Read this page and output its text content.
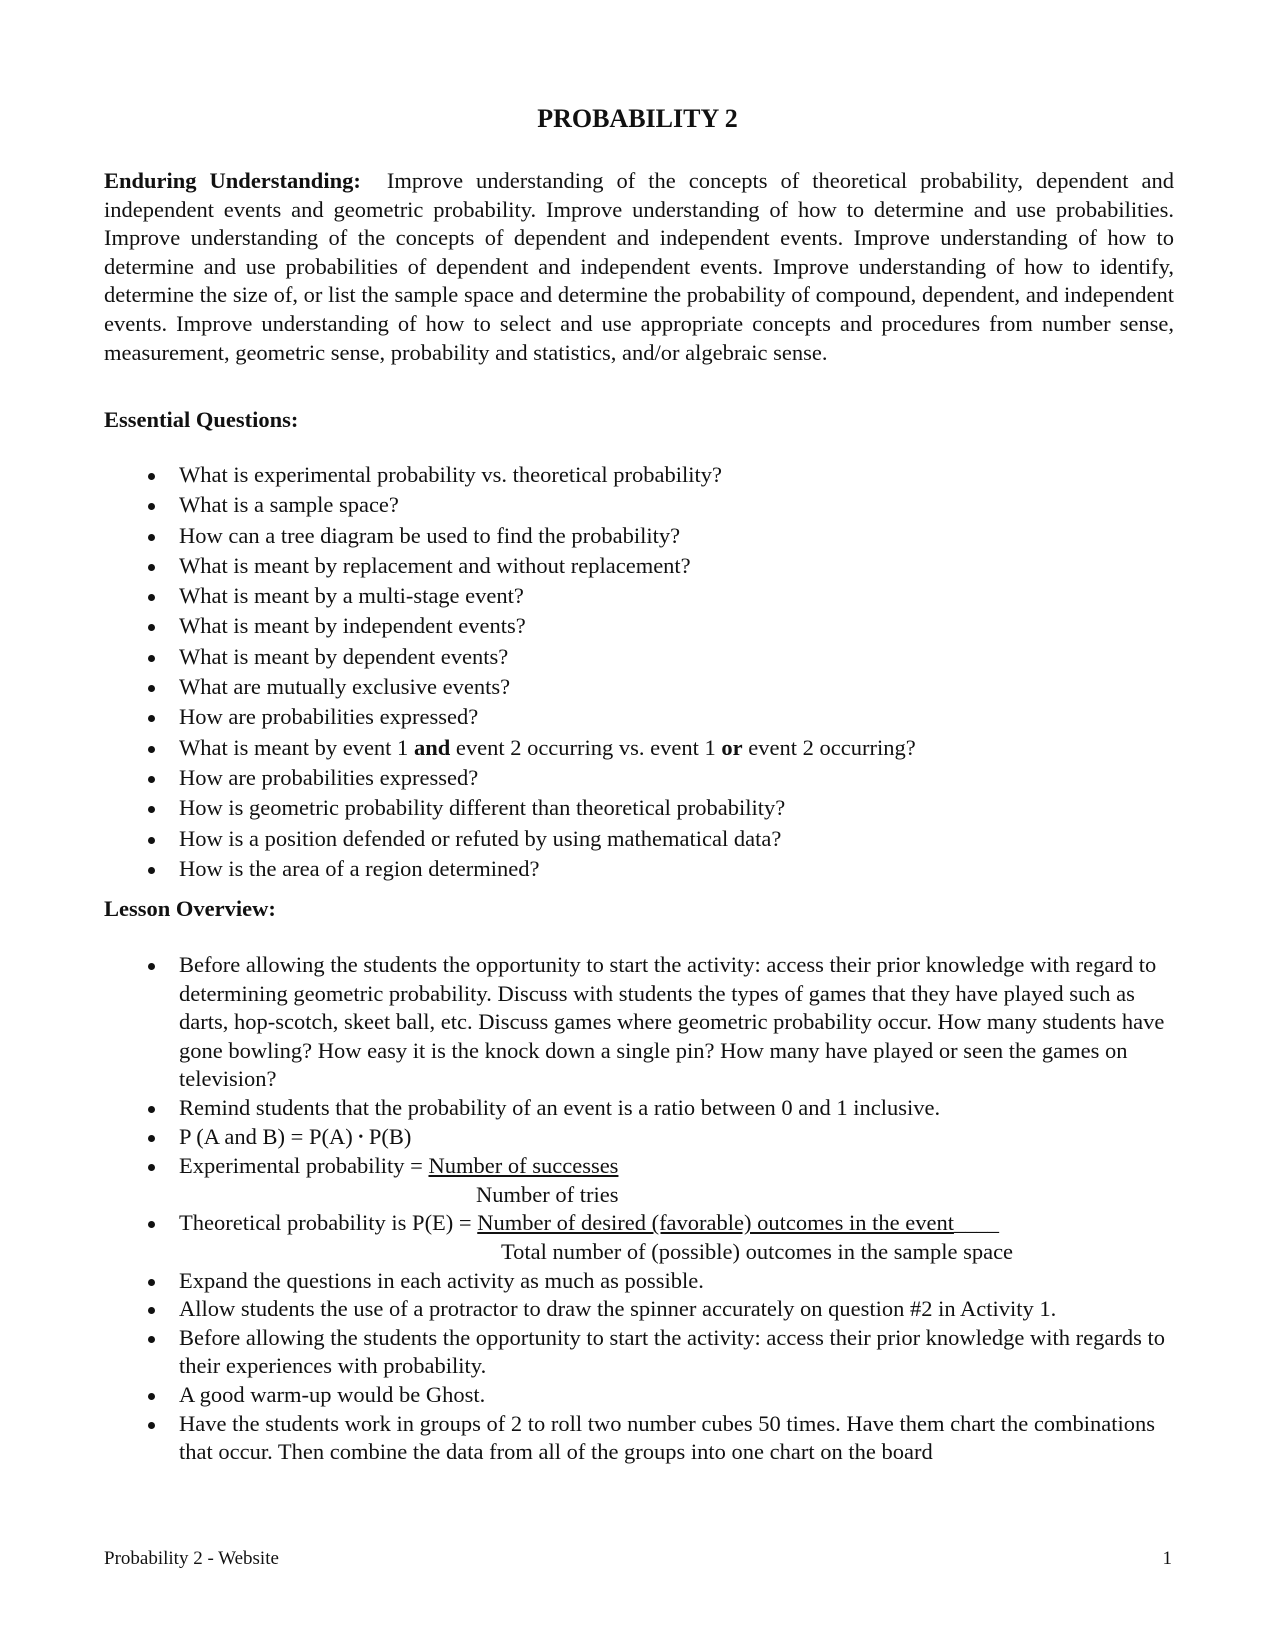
PROBABILITY 2

Enduring Understanding: Improve understanding of the concepts of theoretical probability, dependent and independent events and geometric probability. Improve understanding of how to determine and use probabilities. Improve understanding of the concepts of dependent and independent events. Improve understanding of how to determine and use probabilities of dependent and independent events. Improve understanding of how to identify, determine the size of, or list the sample space and determine the probability of compound, dependent, and independent events. Improve understanding of how to select and use appropriate concepts and procedures from number sense, measurement, geometric sense, probability and statistics, and/or algebraic sense.

Essential Questions:

What is experimental probability vs. theoretical probability?
What is a sample space?
How can a tree diagram be used to find the probability?
What is meant by replacement and without replacement?
What is meant by a multi-stage event?
What is meant by independent events?
What is meant by dependent events?
What are mutually exclusive events?
How are probabilities expressed?
What is meant by event 1 and event 2 occurring vs. event 1 or event 2 occurring?
How are probabilities expressed?
How is geometric probability different than theoretical probability?
How is a position defended or refuted by using mathematical data?
How is the area of a region determined?

Lesson Overview:

Before allowing the students the opportunity to start the activity: access their prior knowledge with regard to determining geometric probability. Discuss with students the types of games that they have played such as darts, hop-scotch, skeet ball, etc. Discuss games where geometric probability occur. How many students have gone bowling? How easy it is the knock down a single pin? How many have played or seen the games on television?
Remind students that the probability of an event is a ratio between 0 and 1 inclusive.
P (A and B) = P(A) • P(B)
Experimental probability = Number of successes
Number of tries
Theoretical probability is P(E) = Number of desired (favorable) outcomes in the event____
Total number of (possible) outcomes in the sample space
Expand the questions in each activity as much as possible.
Allow students the use of a protractor to draw the spinner accurately on question #2 in Activity 1.
Before allowing the students the opportunity to start the activity: access their prior knowledge with regards to their experiences with probability.
A good warm-up would be Ghost.
Have the students work in groups of 2 to roll two number cubes 50 times. Have them chart the combinations that occur. Then combine the data from all of the groups into one chart on the board
Probability 2 - Website	1
